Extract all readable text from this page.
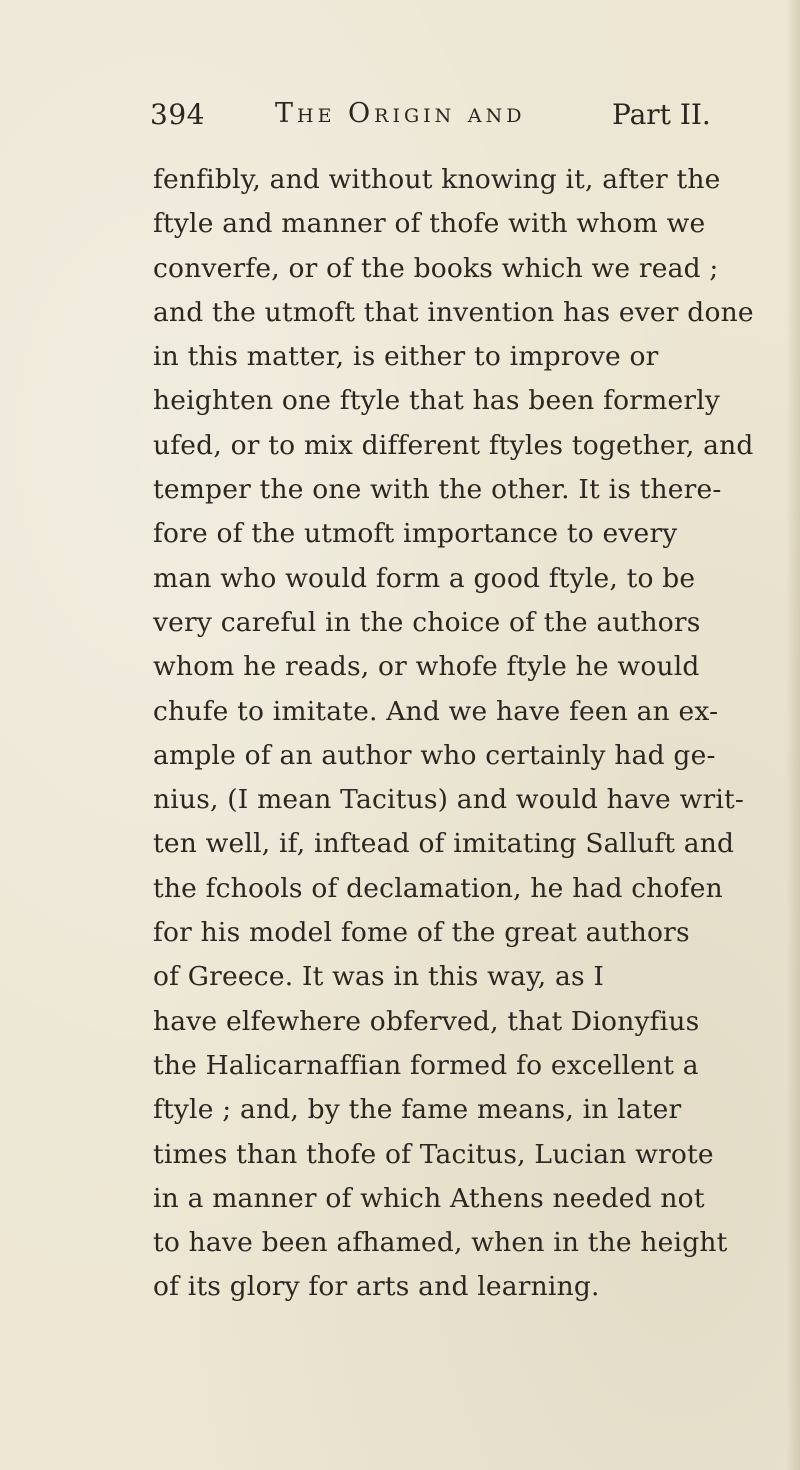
394	The Origin and	Part II.
fenfibly, and without knowing it, after the
ftyle and manner of thofe with whom we
converfe, or of the books which we read ;
and the utmoft that invention has ever done
in this matter, is either to improve or
heighten one ftyle that has been formerly
ufed, or to mix different ftyles together, and
temper the one with the other. It is there-
fore of the utmoft importance to every
man who would form a good ftyle, to be
very careful in the choice of the authors
whom he reads, or whofe ftyle he would
chufe to imitate. And we have feen an ex-
ample of an author who certainly had ge-
nius, (I mean Tacitus) and would have writ-
ten well, if, inftead of imitating Salluft and
the fchools of declamation, he had chofen
for his model fome of the great authors
of Greece. It was in this way, as I
have elfewhere obferved, that Dionyfius
the Halicarnaffian formed fo excellent a
ftyle ; and, by the fame means, in later
times than thofe of Tacitus, Lucian wrote
in a manner of which Athens needed not
to have been afhamed, when in the height
of its glory for arts and learning.
